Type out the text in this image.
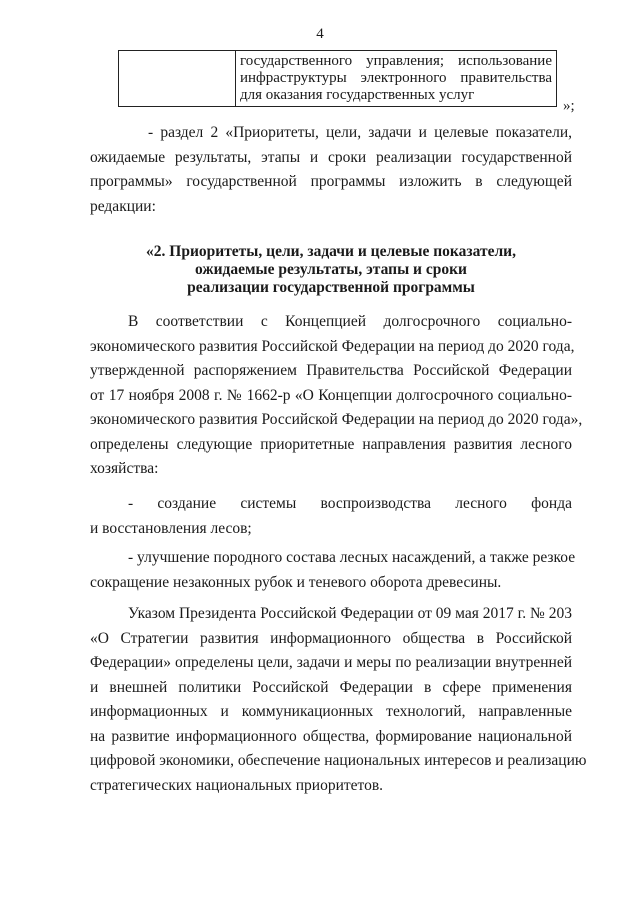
4

государственного управления; использование
инфраструктуры электронного правительства
для оказания государственных услуг
»;
- раздел 2 «Приоритеты, цели, задачи и целевые показатели,
ожидаемые результаты, этапы и сроки реализации государственной
программы» государственной программы изложить в следующей
редакции:
«2. Приоритеты, цели, задачи и целевые показатели,
ожидаемые результаты, этапы и сроки
реализации государственной программы
В соответствии с Концепцией долгосрочного социально-
экономического развития Российской Федерации на период до 2020 года,
утвержденной распоряжением Правительства Российской Федерации
от 17 ноября 2008 г. № 1662-р «О Концепции долгосрочного социально-
экономического развития Российской Федерации на период до 2020 года»,
определены следующие приоритетные направления развития лесного
хозяйства:
- создание системы воспроизводства лесного фонда
и восстановления лесов;
- улучшение породного состава лесных насаждений, а также резкое
сокращение незаконных рубок и теневого оборота древесины.
Указом Президента Российской Федерации от 09 мая 2017 г. № 203
«О Стратегии развития информационного общества в Российской
Федерации» определены цели, задачи и меры по реализации внутренней
и внешней политики Российской Федерации в сфере применения
информационных и коммуникационных технологий, направленные
на развитие информационного общества, формирование национальной
цифровой экономики, обеспечение национальных интересов и реализацию
стратегических национальных приоритетов.
